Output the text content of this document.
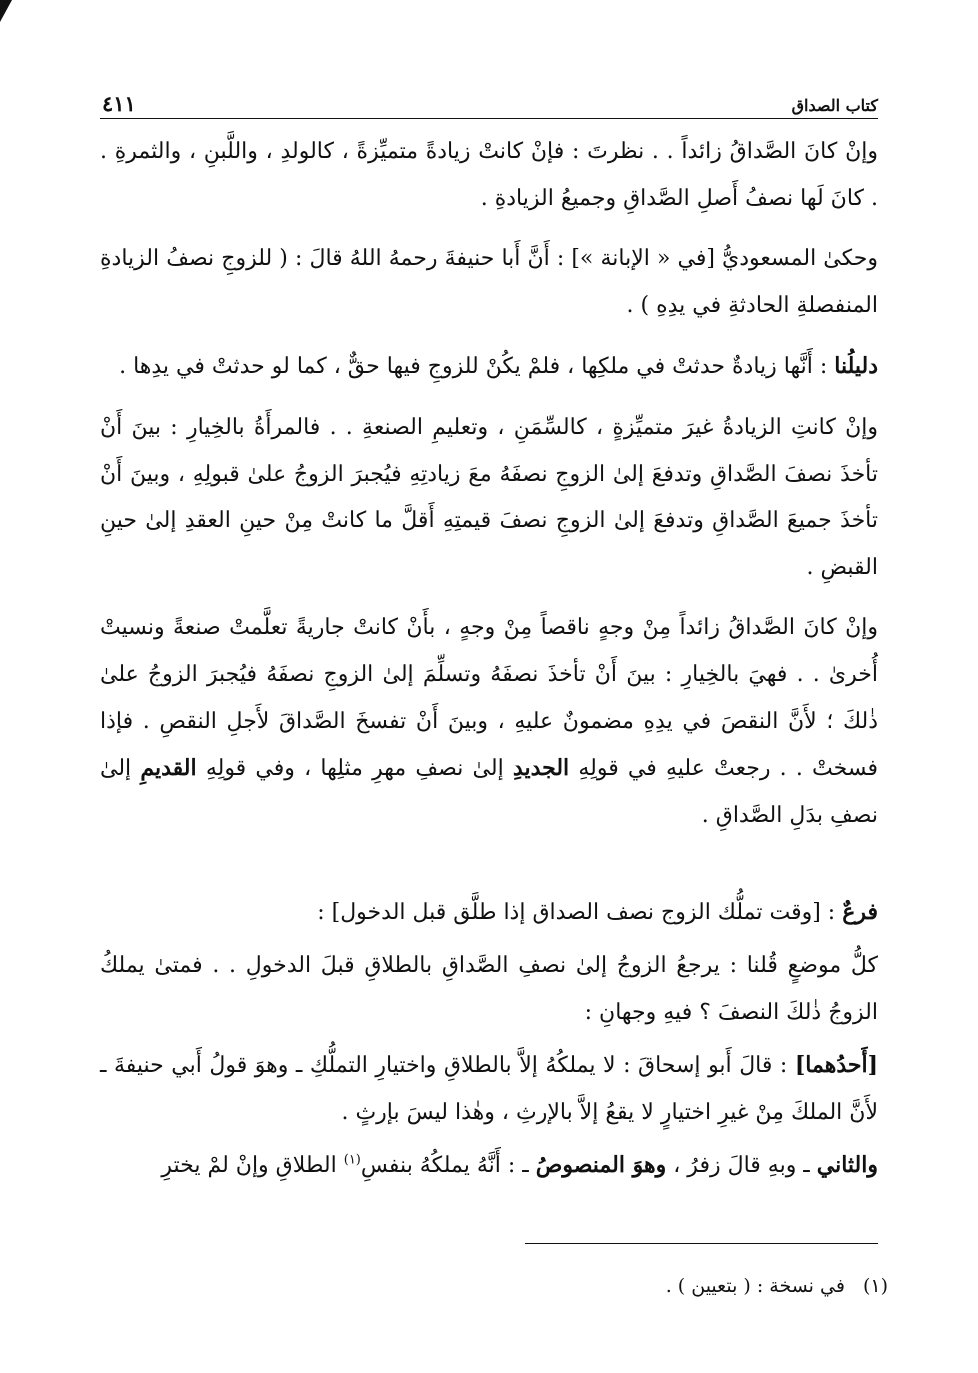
كتاب الصداق
٤١١

وإنْ كانَ الصَّداقُ زائداً . . نظرتَ : فإنْ كانتْ زيادةً متميِّزةً ، كالولدِ ، واللَّبنِ ، والثمرةِ . . كانَ لَها نصفُ أَصلِ الصَّداقِ وجميعُ الزيادةِ .

وحكىٰ المسعوديُّ [في « الإبانة »] : أَنَّ أَبا حنيفةَ رحمهُ اللهُ قالَ : ( للزوجِ نصفُ الزيادةِ المنفصلةِ الحادثةِ في يدِهِ ) .

دليلُنا : أَنَّها زيادةٌ حدثتْ في ملكِها ، فلمْ يكُنْ للزوجِ فيها حقٌّ ، كما لو حدثتْ في يدِها .

وإنْ كانتِ الزيادةُ غيرَ متميِّزةٍ ، كالسِّمَنِ ، وتعليمِ الصنعةِ . . فالمرأَةُ بالخِيارِ : بينَ أَنْ تأخذَ نصفَ الصَّداقِ وتدفعَ إلىٰ الزوجِ نصفَهُ معَ زيادتِهِ فيُجبرَ الزوجُ علىٰ قبولِهِ ، وبينَ أَنْ تأخذَ جميعَ الصَّداقِ وتدفعَ إلىٰ الزوجِ نصفَ قيمتِهِ أَقلَّ ما كانتْ مِنْ حينِ العقدِ إلىٰ حينِ القبضِ .

وإنْ كانَ الصَّداقُ زائداً مِنْ وجهٍ ناقصاً مِنْ وجهٍ ، بأَنْ كانتْ جاريةً تعلَّمتْ صنعةً ونسيتْ أُخرىٰ . . فهيَ بالخِيارِ : بينَ أَنْ تأخذَ نصفَهُ وتسلِّمَ إلىٰ الزوجِ نصفَهُ فيُجبرَ الزوجُ علىٰ ذٰلكَ ؛ لأَنَّ النقصَ في يدِهِ مضمونٌ عليهِ ، وبينَ أَنْ تفسخَ الصَّداقَ لأَجلِ النقصِ . فإذا فسختْ . . رجعتْ عليهِ في قولِهِ الجديدِ إلىٰ نصفِ مهرِ مثلِها ، وفي قولِهِ القديمِ إلىٰ نصفِ بدَلِ الصَّداقِ .

فرعٌ : [وقت تملُّك الزوج نصف الصداق إذا طلَّق قبل الدخول] :

كلُّ موضعٍ قُلنا : يرجعُ الزوجُ إلىٰ نصفِ الصَّداقِ بالطلاقِ قبلَ الدخولِ . . فمتىٰ يملكُ الزوجُ ذٰلكَ النصفَ ؟ فيهِ وجهانِ :

[أَحدُهما] : قالَ أَبو إسحاقَ : لا يملكُهُ إلاَّ بالطلاقِ واختيارِ التملُّكِ ـ وهوَ قولُ أَبي حنيفةَ ـ لأَنَّ الملكَ مِنْ غيرِ اختيارٍ لا يقعُ إلاَّ بالإرثِ ، وهٰذا ليسَ بإرثٍ .

والثاني ـ وبهِ قالَ زفرُ ، وهوَ المنصوصُ ـ : أَنَّهُ يملكُهُ بنفسِ$^{(١)}$ الطلاقِ وإنْ لمْ يخترِ

(١)في نسخة : ( بتعيين ) .
